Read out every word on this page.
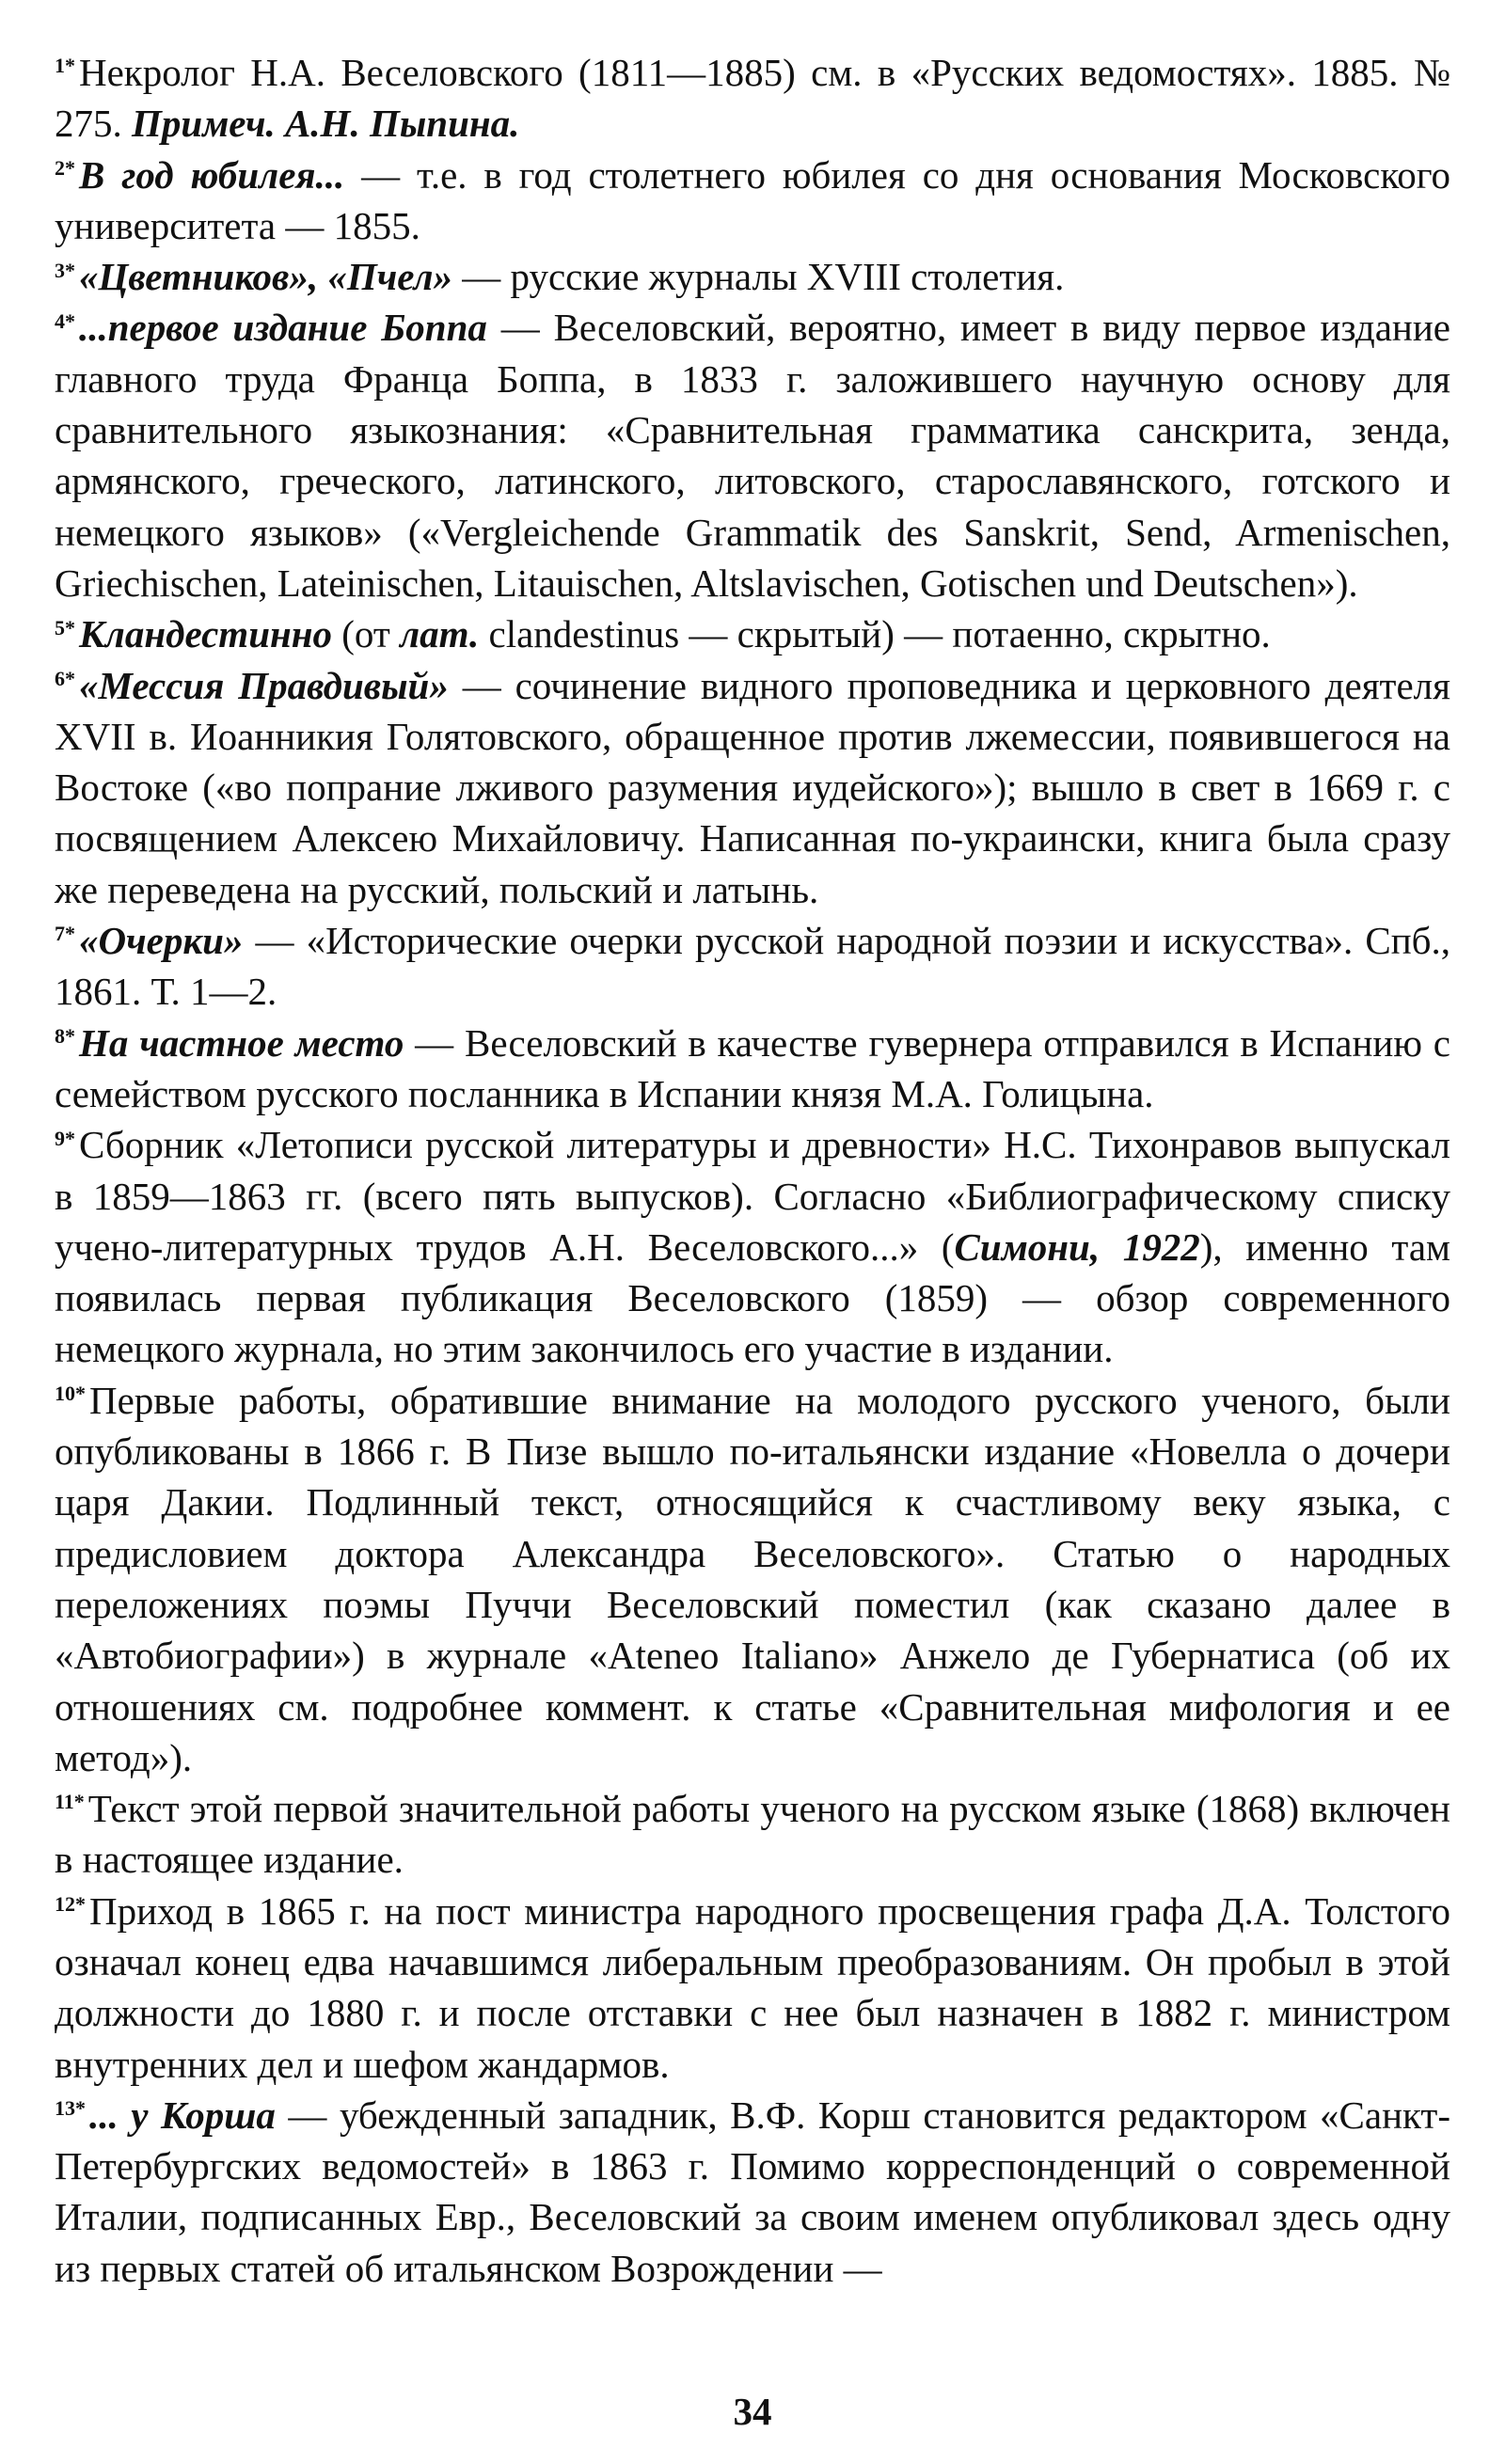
$^{1*}$Некролог Н.А. Веселовского (1811—1885) см. в «Русских ведомостях». 1885. № 275. Примеч. А.Н. Пыпина.

$^{2*}$В год юбилея... — т.е. в год столетнего юбилея со дня основания Московского университета — 1855.

$^{3*}$«Цветников», «Пчел» — русские журналы XVIII столетия.

$^{4*}$...первое издание Боппа — Веселовский, вероятно, имеет в виду первое издание главного труда Франца Боппа, в 1833 г. заложившего научную основу для сравнительного языкознания: «Сравнительная грамматика санскрита, зенда, армянского, греческого, латинского, литовского, старославянского, готского и немецкого языков» («Vergleichende Grammatik des Sanskrit, Send, Armenischen, Griechischen, Lateinischen, Litauischen, Altslavischen, Gotischen und Deutschen»).

$^{5*}$Кландестинно (от лат. clandestinus — скрытый) — потаенно, скрытно.

$^{6*}$«Мессия Правдивый» — сочинение видного проповедника и церковного деятеля XVII в. Иоанникия Голятовского, обращенное против лжемессии, появившегося на Востоке («во попрание лживого разумения иудейского»); вышло в свет в 1669 г. с посвящением Алексею Михайловичу. Написанная по-украински, книга была сразу же переведена на русский, польский и латынь.

$^{7*}$«Очерки» — «Исторические очерки русской народной поэзии и искусства». Спб., 1861. Т. 1—2.

$^{8*}$На частное место — Веселовский в качестве гувернера отправился в Испанию с семейством русского посланника в Испании князя М.А. Голицына.

$^{9*}$Сборник «Летописи русской литературы и древности» Н.С. Тихонравов выпускал в 1859—1863 гг. (всего пять выпусков). Согласно «Библиографическому списку учено-литературных трудов А.Н. Веселовского...» (Симони, 1922), именно там появилась первая публикация Веселовского (1859) — обзор современного немецкого журнала, но этим закончилось его участие в издании.

$^{10*}$Первые работы, обратившие внимание на молодого русского ученого, были опубликованы в 1866 г. В Пизе вышло по-итальянски издание «Новелла о дочери царя Дакии. Подлинный текст, относящийся к счастливому веку языка, с предисловием доктора Александра Веселовского». Статью о народных переложениях поэмы Пуччи Веселовский поместил (как сказано далее в «Автобиографии») в журнале «Ateneo Italiano» Анжело де Губернатиса (об их отношениях см. подробнее коммент. к статье «Сравнительная мифология и ее метод»).

$^{11*}$Текст этой первой значительной работы ученого на русском языке (1868) включен в настоящее издание.

$^{12*}$Приход в 1865 г. на пост министра народного просвещения графа Д.А. Толстого означал конец едва начавшимся либеральным преобразованиям. Он пробыл в этой должности до 1880 г. и после отставки с нее был назначен в 1882 г. министром внутренних дел и шефом жандармов.

$^{13*}$... у Корша — убежденный западник, В.Ф. Корш становится редактором «Санкт-Петербургских ведомостей» в 1863 г. Помимо корреспонденций о современной Италии, подписанных Евр., Веселовский за своим именем опубликовал здесь одну из первых статей об итальянском Возрождении —

34
